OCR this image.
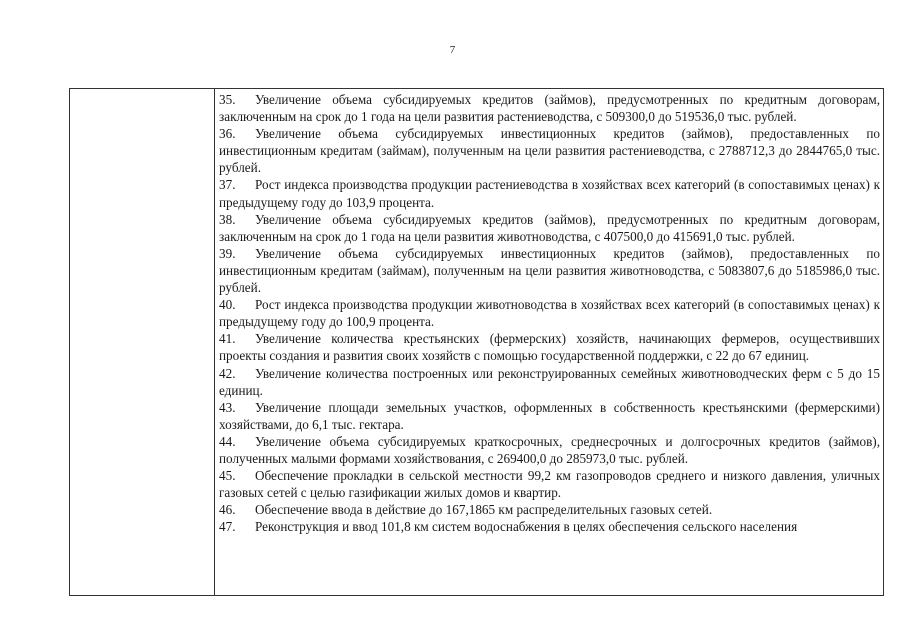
7

35. Увеличение объема субсидируемых кредитов (займов), предусмотренных по кредитным договорам, заключенным на срок до 1 года на цели развития растениеводства, с 509300,0 до 519536,0 тыс. рублей.

36. Увеличение объема субсидируемых инвестиционных кредитов (займов), предоставленных по инвестиционным кредитам (займам), полученным на цели развития растениеводства, с 2788712,3 до 2844765,0 тыс. рублей.

37. Рост индекса производства продукции растениеводства в хозяйствах всех категорий (в сопоставимых ценах) к предыдущему году до 103,9 процента.

38. Увеличение объема субсидируемых кредитов (займов), предусмотренных по кредитным договорам, заключенным на срок до 1 года на цели развития животноводства, с 407500,0 до 415691,0 тыс. рублей.

39. Увеличение объема субсидируемых инвестиционных кредитов (займов), предоставленных по инвестиционным кредитам (займам), полученным на цели развития животноводства, с 5083807,6 до 5185986,0 тыс. рублей.

40. Рост индекса производства продукции животноводства в хозяйствах всех категорий (в сопоставимых ценах) к предыдущему году до 100,9 процента.

41. Увеличение количества крестьянских (фермерских) хозяйств, начинающих фермеров, осуществивших проекты создания и развития своих хозяйств с помощью государственной поддержки, с 22 до 67 единиц.

42. Увеличение количества построенных или реконструированных семейных животноводческих ферм с 5 до 15 единиц.

43. Увеличение площади земельных участков, оформленных в собственность крестьянскими (фермерскими) хозяйствами, до 6,1 тыс. гектара.

44. Увеличение объема субсидируемых краткосрочных, среднесрочных и долгосрочных кредитов (займов), полученных малыми формами хозяйствования, с 269400,0 до 285973,0 тыс. рублей.

45. Обеспечение прокладки в сельской местности 99,2 км газопроводов среднего и низкого давления, уличных газовых сетей с целью газификации жилых домов и квартир.

46. Обеспечение ввода в действие до 167,1865 км распределительных газовых сетей.

47. Реконструкция и ввод 101,8 км систем водоснабжения в целях обеспечения сельского населения
